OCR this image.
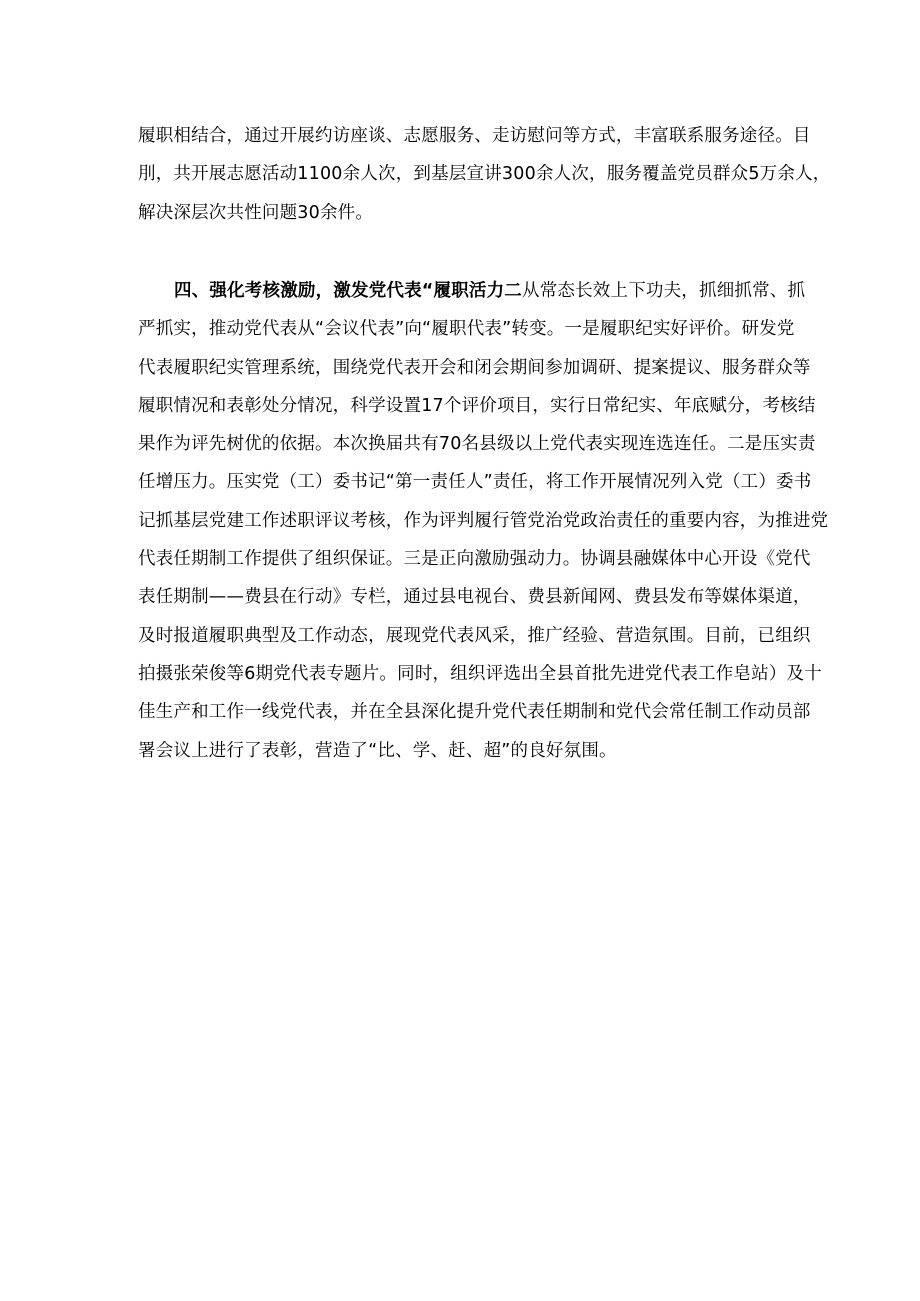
履职相结合，通过开展约访座谈、志愿服务、走访慰问等方式，丰富联系服务途径。目
刖，共开展志愿活动1100余人次，到基层宣讲300余人次，服务覆盖党员群众5万余人，
解决深层次共性问题30余件。
四、强化考核激励，激发党代表“履职活力二从常态长效上下功夫，抓细抓常、抓
严抓实，推动党代表从“会议代表”向“履职代表”转变。一是履职纪实好评价。研发党
代表履职纪实管理系统，围绕党代表开会和闭会期间参加调研、提案提议、服务群众等
履职情况和表彰处分情况，科学设置17个评价项目，实行日常纪实、年底赋分，考核结
果作为评先树优的依据。本次换届共有70名县级以上党代表实现连选连任。二是压实责
任增压力。压实党（工）委书记“第一责任人”责任，将工作开展情况列入党（工）委书
记抓基层党建工作述职评议考核，作为评判履行管党治党政治责任的重要内容，为推进党
代表任期制工作提供了组织保证。三是正向激励强动力。协调县融媒体中心开设《党代
表任期制——费县在行动》专栏，通过县电视台、费县新闻网、费县发布等媒体渠道，
及时报道履职典型及工作动态，展现党代表风采，推广经验、营造氛围。目前，已组织
拍摄张荣俊等6期党代表专题片。同时，组织评选出全县首批先进党代表工作皂站）及十
佳生产和工作一线党代表，并在全县深化提升党代表任期制和党代会常任制工作动员部
署会议上进行了表彰，营造了“比、学、赶、超”的良好氛围。
